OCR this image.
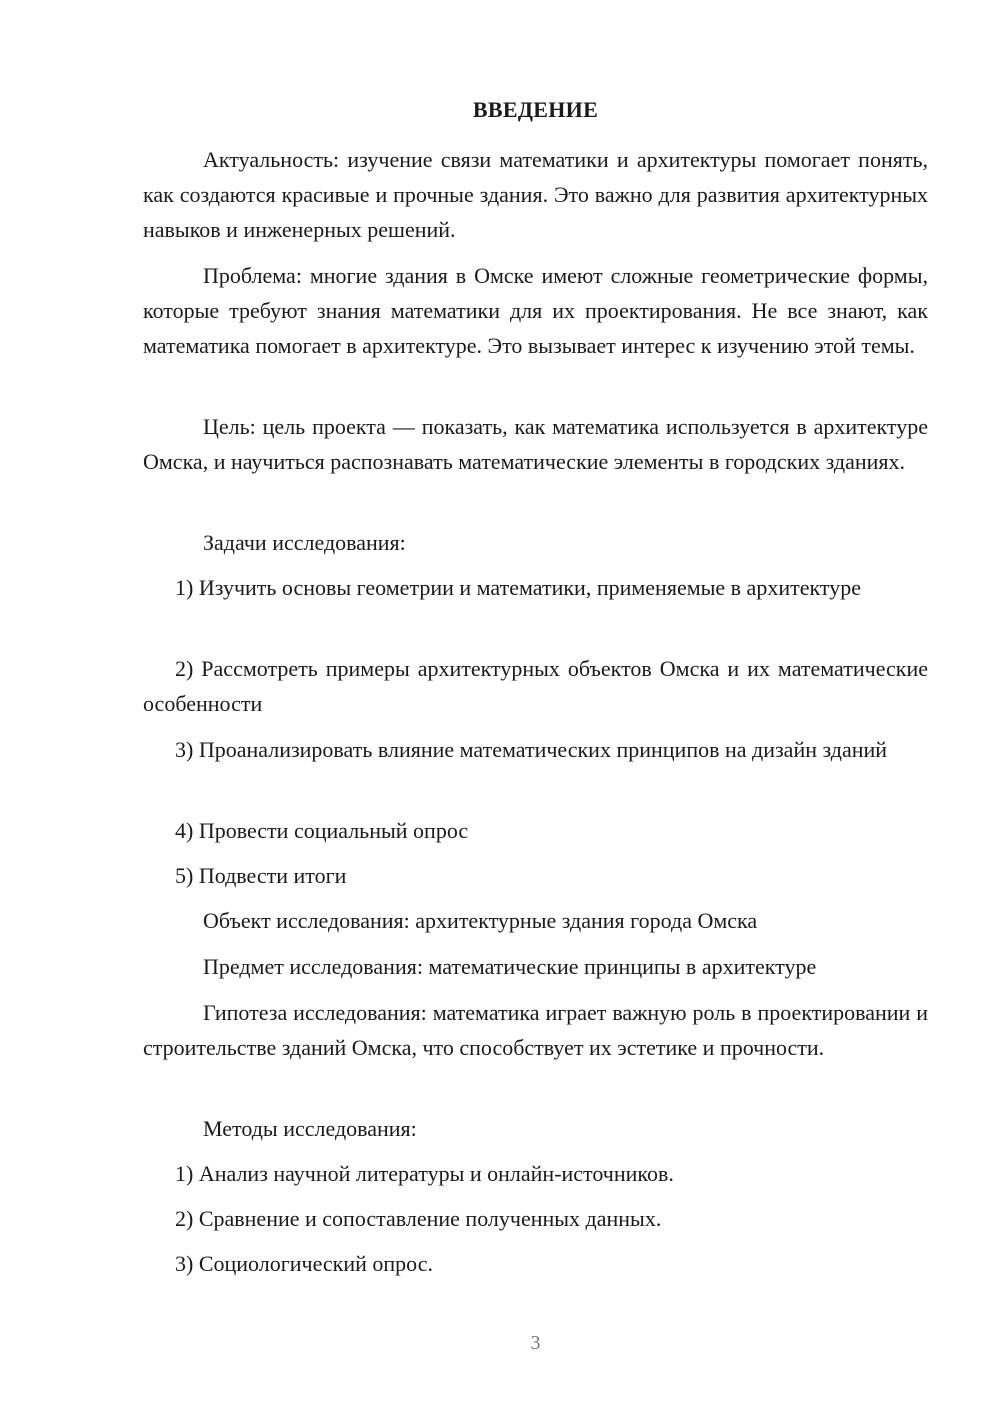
ВВЕДЕНИЕ

Актуальность: изучение связи математики и архитектуры помогает понять, как создаются красивые и прочные здания. Это важно для развития архитектурных навыков и инженерных решений.

Проблема: многие здания в Омске имеют сложные геометрические формы, которые требуют знания математики для их проектирования. Не все знают, как математика помогает в архитектуре. Это вызывает интерес к изучению этой темы.

Цель: цель проекта — показать, как математика используется в архитектуре Омска, и научиться распознавать математические элементы в городских зданиях.

Задачи исследования:

1) Изучить основы геометрии и математики, применяемые в архитектуре

2) Рассмотреть примеры архитектурных объектов Омска и их математические особенности

3) Проанализировать влияние математических принципов на дизайн зданий

4) Провести социальный опрос

5) Подвести итоги

Объект исследования: архитектурные здания города Омска

Предмет исследования: математические принципы в архитектуре

Гипотеза исследования: математика играет важную роль в проектировании и строительстве зданий Омска, что способствует их эстетике и прочности.

Методы исследования:

1) Анализ научной литературы и онлайн-источников.

2) Сравнение и сопоставление полученных данных.

3) Социологический опрос.

3
